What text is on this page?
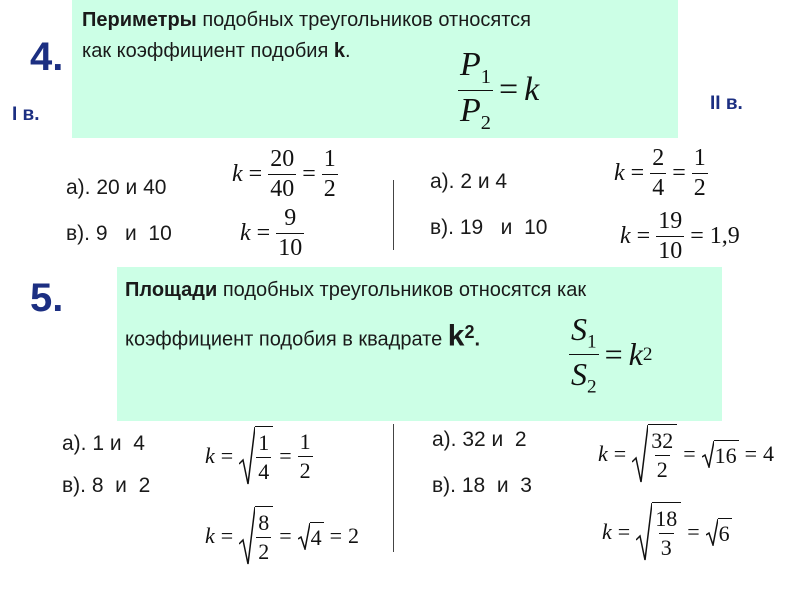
Периметры подобных треугольников относятся

как коэффициент подобия k.	$\frac{P_1}{P_2} = k$
4.
I в.
II в.
а). 20 и 40
в). 9   и  10
$k = \frac{20}{40} = \frac{1}{2}$
$k = \frac{9}{10}$
а). 2 и 4
в). 19   и  10
$k = \frac{2}{4} = \frac{1}{2}$
$k = \frac{19}{10} = 1,9$

Площади подобных треугольников относятся как

коэффициент подобия в квадрате $k^2$.	$\frac{S_1}{S_2} = k$ 2
5.
а). 1 и  4
в). 8  и  2
$k = \frac{1}{4} = \frac{1}{2}$
$k = \frac{8}{2} = 4 = 2$
а). 32 и  2
в). 18  и  3
$k = \frac{32}{2} = 16 = 4$
$k = \frac{18}{3} = 6$
